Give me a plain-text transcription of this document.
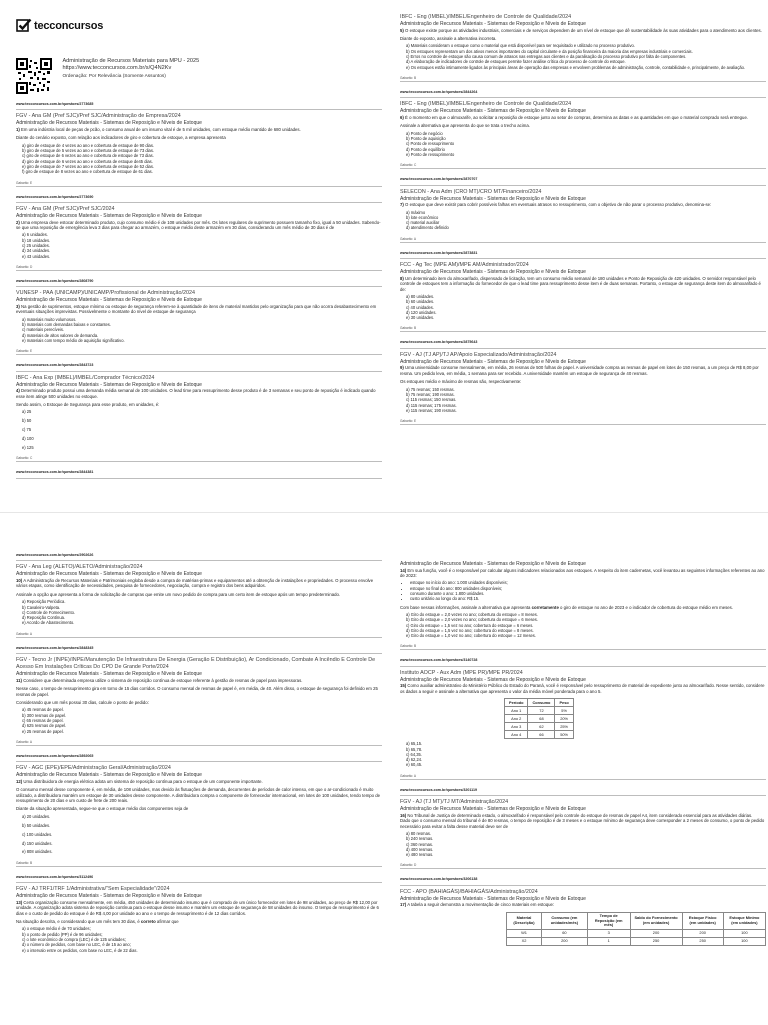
tecconcursos

Administração de Recursos Materiais para MPU - 2025
https://www.tecconcursos.com.br/s/Q4N2Kv
Ordenação: Por Relevância (Somente Assuntos)
www.tecconcursos.com.br/questoes/2773685
FGV - Ana GM (Pref SJC)/Pref SJC/Administração de Empresa/2024
Administração de Recursos Materiais - Sistemas de Reposição e Níveis de Estoque

1) Em uma indústria local de peças de pcão, o consumo anual de um insumo vital é de 5 mil unidades, com estoque médio mantido de 680 unidades.

Diante do cenário exposto, com relação aos indicadores de giro e cobertura de estoque, a empresa apresenta

a) giro de estoque de 4 vezes ao ano e cobertura de estoque de 90 dias.
b) giro de estoque de 5 vezes ao ano e cobertura de estoque de 73 dias.
c) giro de estoque de 6 vezes ao ano e cobertura de estoque de 73 dias.
d) giro de estoque de 6 vezes ao ano e cobertura de estoque de45 dias.
e) giro de estoque de 7 vezes ao ano e cobertura de estoque de 52 dias.
f) giro de estoque de 8 vezes ao ano e cobertura de estoque de 61 dias.
Gabarito: E
www.tecconcursos.com.br/questoes/2773690
FGV - Ana GM (Pref SJC)/Pref SJC/2024
Administração de Recursos Materiais - Sistemas de Reposição e Níveis de Estoque

2) Uma empresa deve estocar determinado produto, cujo consumo médio é de 108 unidades por mês. Os lotes regulares de suprimento possuem tamanho fixo, igual a 50 unidades. Sabendo-se que uma reposição de emergência leva 3 dias para chegar ao armazém, o estoque médio deste armazém em 30 dias, considerando um mês médio de 30 dias é de

a) 6 unidades.
b) 18 unidades.
c) 25 unidades.
d) 34 unidades.
e) 43 unidades.
Gabarito: D
www.tecconcursos.com.br/questoes/2808790
VUNESP - PAA (UNICAMP)/UNICAMP/Profissional de Administração/2024
Administração de Recursos Materiais - Sistemas de Reposição e Níveis de Estoque

3) Na gestão de suprimentos, estoque mínimo ou estoque de segurança referem-se à quantidade de itens de material mantidos pelo organização para que não ocorra desabastecimento em eventuais situações imprevistas. Possivelmente o montante do nível de estoque de segurança

a) materiais muito volumosos.
b) materiais com demandas baixas e constantes.
c) materiais perecíveis.
d) materiais de altos valores de demanda.
e) materiais com tempo médio de aquisição significativo.
Gabarito: E
www.tecconcursos.com.br/questoes/2843723
IBFC - Ana Exp (IMBEL)/IMBEL/Comprador Técnico/2024
Administração de Recursos Materiais - Sistemas de Reposição e Níveis de Estoque

4) Determinado produto possui uma demanda média semanal de 100 unidades. O lead time para ressuprimento desse produto é de 3 semanas e seu ponto de reposição é indicado quando esse item atinge 500 unidades no estoque.

Sendo assim, o Estoque de Segurança para esse produto, em unidades, é:

a) 25
b) 50
c) 75
d) 100
e) 125
Gabarito: C
www.tecconcursos.com.br/questoes/2844381
IBFC - Eng (IMBEL)/IMBEL/Engenheiro de Controle de Qualidade/2024
Administração de Recursos Materiais - Sistemas de Reposição e Níveis de Estoque

5) O estoque existe porque as atividades industriais, comerciais e de serviços dependem de um nível de estoque que dê sustentabilidade às suas atividades para o atendimento aos clientes.

Diante do exposto, assinale a alternativa incorreta.

a) Materiais consideram o estoque como o material que está disponível para ser requisitado e utilizado no processo produtivo.
b) Os estoques representam um dos ativos menos importantes do capital circulante e da posição financeira da maioria das empresas industriais e comerciais.
c) Erros no controle de estoque são causa comum de atrasos nas entregas aos clientes e da paralisação do processo produtivo por falta de componentes.
d) A elaboração de indicadores de controle de estoques permite fazer análise crítica do processo de controle do estoque.
e) Os estoques estão intimamente ligados às principais áreas de operação das empresas e envolvem problemas de administração, controle, contabilidade e, principalmente, de avaliação.
Gabarito: B
www.tecconcursos.com.br/questoes/2844264
IBFC - Eng (IMBEL)/IMBEL/Engenheiro de Controle de Qualidade/2024
Administração de Recursos Materiais - Sistemas de Reposição e Níveis de Estoque

6) É o momento em que o almoxarife, ao solicitar a reposição de estoque junto ao setor de compras, determina as datas e as quantidades em que o material comprado será entregue.

Assinale a alternativa que apresenta do que se trata o trecho acima.

a) Ponto de negócio
b) Ponto de aquisição
c) Ponto de ressuprimento
d) Ponto de equilíbrio
e) Ponto de ressuprimento
Gabarito: C
www.tecconcursos.com.br/questoes/2870707
SELECON - Ana Adm (CRO MT)/CRO MT/Financeiro/2024
Administração de Recursos Materiais - Sistemas de Reposição e Níveis de Estoque

7) O estoque que deve existir para cobrir possíveis falhas em eventuais atrasos no ressuprimento, com o objetivo de não parar o processo produtivo, denomina-se:

a) máximo
b) lote econômico
c) material auxiliar
d) atendimento definido
Gabarito: A
www.tecconcursos.com.br/questoes/2873831
FCC - Ag Tec (MPE AM)/MPE AM/Administrador/2024
Administração de Recursos Materiais - Sistemas de Reposição e Níveis de Estoque

8) Um determinado item do almoxarifado, dispensado de licitação, tem um consumo médio semanal de 180 unidades e Ponto de Reposição de 420 unidades. O servidor responsável pelo controle de estoques tem a informação do fornecedor de que o lead time para ressuprimento desse item é de duas semanas. Portanto, o estoque de segurança deste item do almoxarifado é de:

a) 80 unidades.
b) 60 unidades.
c) 40 unidades.
d) 120 unidades.
e) 30 unidades.
Gabarito: B
www.tecconcursos.com.br/questoes/2875643
FGV - AJ (TJ AP)/TJ AP/Apoio Especializado/Administração/2024
Administração de Recursos Materiais - Sistemas de Reposição e Níveis de Estoque

9) Uma universidade consome mensalmente, em média, 26 resmas de 500 folhas de papel. A universidade compra as resmas de papel em lotes de 150 resmas, a um preço de R$ 8,00 por resma. Um pedido leva, em média, 1 semana para ser recebido. A universidade mantém um estoque de segurança de 40 resmas.

Os estoques médio e máximo de resmas são, respectivamente:

a) 75 resmas; 150 resmas.
b) 75 resmas; 190 resmas.
c) 115 resmas; 150 resmas.
d) 115 resmas; 175 resmas.
e) 115 resmas; 190 resmas.
Gabarito: E
www.tecconcursos.com.br/questoes/2902626
FGV - Ana Leg (ALETO)/ALETO/Administração/2024
Administração de Recursos Materiais - Sistemas de Reposição e Níveis de Estoque

10) A Administração de Recursos Materiais e Patrimoniais engloba desde a compra de matérias-primas e equipamentos até a obtenção de instalações e propriedades. O processo envolve vários etapas, como identificação de necessidades, pesquisa de fornecedores, negociação, compra e registro dos bens adquiridos.

Assinale a opção que apresenta a forma de solicitação de compras que emite um novo pedido de compra para um certo item de estoque após um tempo predeterminado.

a) Reposição Periódica.
b) Cavaleiro-Valpeta.
c) Controle de Fornecimento.
d) Reposição Contínua.
e) Acordo de Abastecimento.
Gabarito: A
www.tecconcursos.com.br/questoes/2848345
FGV - Tecno Jr (INPE)/INPE/Manutenção De Infraestrutura De Energia (Geração E Distribuição), Ar Condicionado, Combate A Incêndio E Controle De Acesso Em Instalações Críticas Do CPD De Grande Porte/2024
Administração de Recursos Materiais - Sistemas de Reposição e Níveis de Estoque

11) Considere que determinada empresa utilize o sistema de reposição contínua de estoque referente à gestão de resmas de papel para impressoras.

Nesse caso, o tempo de ressuprimento gira em torno de 15 dias corridos. O consumo mensal de resmas de papel é, em média, de 40. Além disso, o estoque de segurança foi definido em 25 resmas de papel.

Considerando que um mês possui 30 dias, calcule o ponto de pedido:

a) 45 resmas de papel.
b) 300 resmas de papel.
c) 65 resmas de papel.
d) 625 resmas de papel.
e) 25 resmas de papel.
Gabarito: A
www.tecconcursos.com.br/questoes/2892065
FGV - AGC (EPE)/EPE/Administração Geral/Administração/2024
Administração de Recursos Materiais - Sistemas de Reposição e Níveis de Estoque

12) Uma distribuidora de energia elétrica adota um sistema de reposição contínua para o estoque de um componente importante.

O consumo mensal desse componente é, em média, de 108 unidades, mas devido às flutuações de demanda, decorrentes de períodos de calor intenso, em que o ar-condicionado é muito utilizado, a distribuidora mantém um estoque de 30 unidades desse componente. A distribuidora compra o componente de fornecedor internacional, em lotes de 100 unidades, tendo tempo de ressuprimento de 20 dias e um custo de frete de 200 reais.

Diante da situação apresentada, segue-se que o estoque médio dos componentes seja de

a) 20 unidades.
b) 50 unidades.
c) 100 unidades.
d) 150 unidades.
e) 808 unidades.
Gabarito: B
www.tecconcursos.com.br/questoes/3112496
FGV - AJ TRF1/TRF 1/Administrativa/"Sem Especialidade"/2024
Administração de Recursos Materiais - Sistemas de Reposição e Níveis de Estoque

13) Certa organização consome mensalmente, em média, 450 unidades de determinado insumo que é comprado de um único fornecedor em lotes de 98 unidades, ao preço de R$ 12,00 por unidade. A organização adota sistema de reposição contínua para o estoque desse insumo e mantém um estoque de segurança de 58 unidades do insumo. O tempo de ressuprimento é de 6 dias e o custo de pedido do estoque é de R$ 4,00 por unidade ao ano e o tempo de ressuprimento é de 12 dias corridos.

Na situação descrita, e considerando que um mês tem 30 dias, é correto afirmar que

a) o estoque médio é de 70 unidades;
b) o ponto de pedido (PP) é de 96 unidades;
c) o lote econômico de compra (LEC) é de 125 unidades;
d) o número de pedidos, com base no LEC, é de 15 ao ano;
e) o intervalo entre os pedidos, com base no LEC, é de 22 dias.
Administração de Recursos Materiais - Sistemas de Reposição e Níveis de Estoque

14) Em sua função, você é o responsável por calcular alguns indicadores relacionados aos estoques. A respeito do item cadernetas, você levantou as seguintes informações referentes ao ano de 2023:

• estoque no início do ano: 1.000 unidades disponíveis;
• estoque no final do ano: 800 unidades disponíveis;
• consumo durante o ano: 1.800 unidades.
• custo unitário ao longo do ano: R$ 15.

Com base nessas informações, assinale a alternativa que apresenta corretamente o giro de estoque no ano de 2023 e o indicador de cobertura do estoque médio em meses.

a) Giro do estoque = 2,0 vezes no ano; cobertura do estoque = 8 meses.
b) Giro do estoque = 2,0 vezes no ano; cobertura do estoque = 6 meses.
c) Giro do estoque = 1,5 vez no ano; cobertura do estoque = 6 meses.
d) Giro do estoque = 1,5 vez no ano; cobertura do estoque = 8 meses.
e) Giro do estoque = 1,0 vez no ano; cobertura do estoque = 12 meses.
Gabarito: B
www.tecconcursos.com.br/questoes/3140728
Instituto AOCP - Aux Adm (MPE PR)/MPE PR/2024
Administração de Recursos Materiais - Sistemas de Reposição e Níveis de Estoque

15) Como auxiliar administrativo do Ministério Público do Estado do Paraná, você é responsável pelo ressuprimento de material de expediente junto ao almoxarifado. Nesse sentido, considere os dados a seguir e assinale a alternativa que apresenta o valor da média móvel ponderada para o ano 5.

Período	Consumo	Peso
Ano 1	72	5%
Ano 2	68	20%
Ano 3	62	25%
Ano 4	66	50%
a) 65,15.
b) 65,78.
c) 64,35.
d) 62,24.
e) 60,45.
Gabarito: A
www.tecconcursos.com.br/questoes/3201119
FGV - AJ (TJ MT)/TJ MT/Administração/2024
Administração de Recursos Materiais - Sistemas de Reposição e Níveis de Estoque

16) No Tribunal de Justiça de determinado estado, o almoxarifado é responsável pelo controle do estoque de resmas de papel A4, item considerado essencial para as atividades diárias.

Dado que o consumo mensal do tribunal é de 80 resmas, o tempo de reposição é de 3 meses e o estoque mínimo de segurança deve corresponder a 2 meses de consumo, o ponto de pedido necessário para evitar a falta desse material deve ser de

a) 80 resmas.
b) 240 resmas.
c) 360 resmas.
d) 400 resmas.
e) 480 resmas.
Gabarito: D
www.tecconcursos.com.br/questoes/3206138
FCC - APO (BAHIAGÁS)/BAHIAGÁS/Administração/2024
Administração de Recursos Materiais - Sistemas de Reposição e Níveis de Estoque

17) A tabela a seguir demonstra a movimentação de cinco materiais em estoque:

Material (Descrição)	Consumo (em unidades/mês)	Tempo de Reposição (em mês)	Saldo do Fornecimento (em unidades)	Estoque Físico (em unidades)	Estoque Mínimo (em unidades)
W1	60	3	200	200	100
X2	200	1	250	250	100
